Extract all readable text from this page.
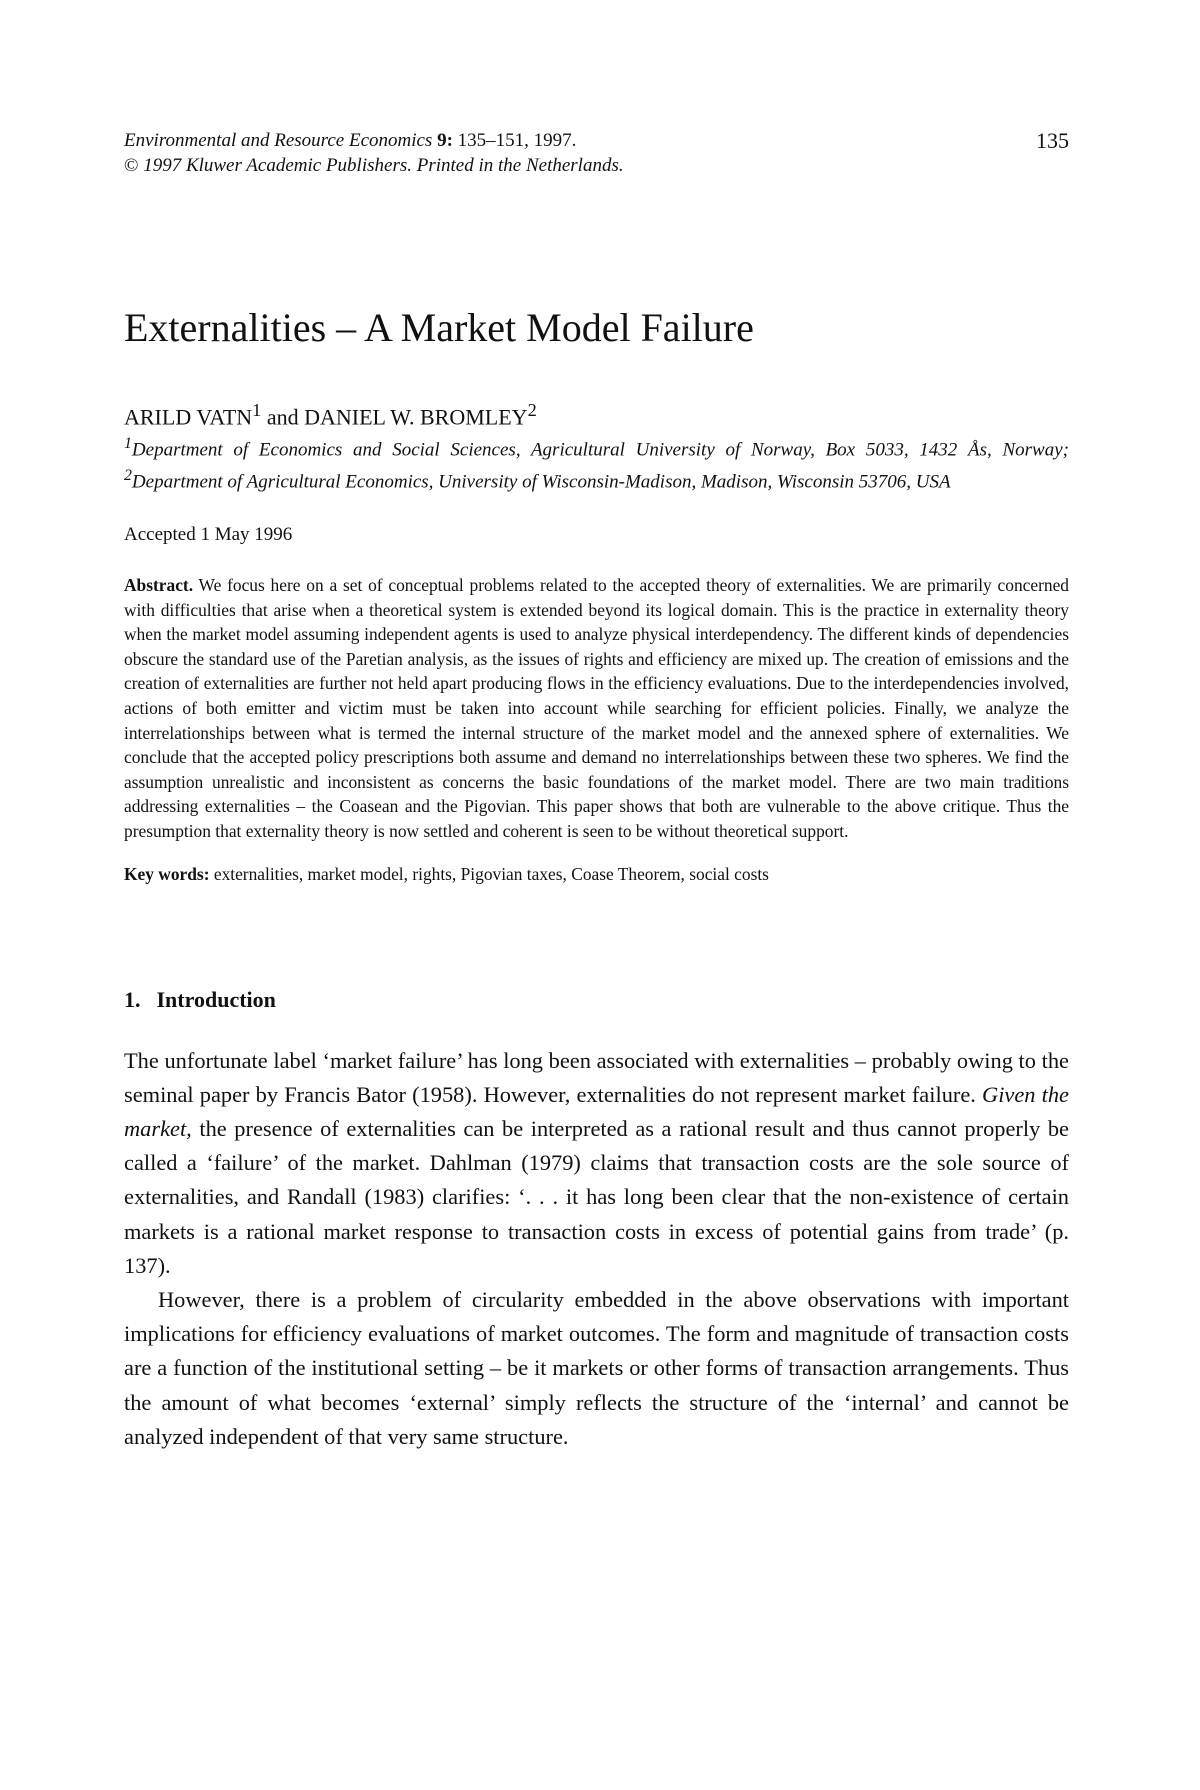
Environmental and Resource Economics 9: 135–151, 1997.
© 1997 Kluwer Academic Publishers. Printed in the Netherlands.
135
Externalities – A Market Model Failure
ARILD VATN$^1$ and DANIEL W. BROMLEY$^2$
$^1$Department of Economics and Social Sciences, Agricultural University of Norway, Box 5033, 1432 Ås, Norway; $^2$Department of Agricultural Economics, University of Wisconsin-Madison, Madison, Wisconsin 53706, USA
Accepted 1 May 1996
Abstract. We focus here on a set of conceptual problems related to the accepted theory of externalities. We are primarily concerned with difficulties that arise when a theoretical system is extended beyond its logical domain. This is the practice in externality theory when the market model assuming independent agents is used to analyze physical interdependency. The different kinds of dependencies obscure the standard use of the Paretian analysis, as the issues of rights and efficiency are mixed up. The creation of emissions and the creation of externalities are further not held apart producing flows in the efficiency evaluations. Due to the interdependencies involved, actions of both emitter and victim must be taken into account while searching for efficient policies. Finally, we analyze the interrelationships between what is termed the internal structure of the market model and the annexed sphere of externalities. We conclude that the accepted policy prescriptions both assume and demand no interrelationships between these two spheres. We find the assumption unrealistic and inconsistent as concerns the basic foundations of the market model. There are two main traditions addressing externalities – the Coasean and the Pigovian. This paper shows that both are vulnerable to the above critique. Thus the presumption that externality theory is now settled and coherent is seen to be without theoretical support.
Key words: externalities, market model, rights, Pigovian taxes, Coase Theorem, social costs
1. Introduction

The unfortunate label ‘market failure’ has long been associated with externalities – probably owing to the seminal paper by Francis Bator (1958). However, externalities do not represent market failure. Given the market, the presence of externalities can be interpreted as a rational result and thus cannot properly be called a ‘failure’ of the market. Dahlman (1979) claims that transaction costs are the sole source of externalities, and Randall (1983) clarifies: ‘. . . it has long been clear that the non-existence of certain markets is a rational market response to transaction costs in excess of potential gains from trade’ (p. 137).

However, there is a problem of circularity embedded in the above observations with important implications for efficiency evaluations of market outcomes. The form and magnitude of transaction costs are a function of the institutional setting – be it markets or other forms of transaction arrangements. Thus the amount of what becomes ‘external’ simply reflects the structure of the ‘internal’ and cannot be analyzed independent of that very same structure.
